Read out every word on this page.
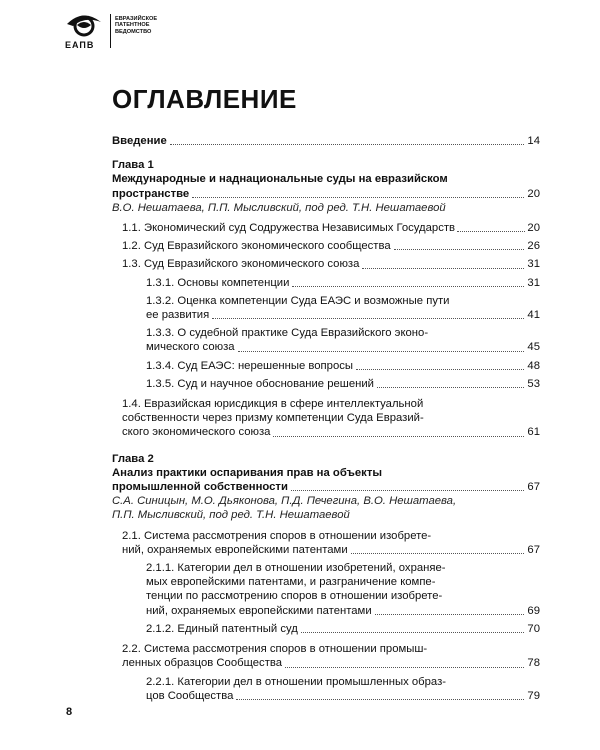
ЕАПВ
ЕВРАЗИЙСКОЕ
ПАТЕНТНОЕ
ВЕДОМСТВО
ОГЛАВЛЕНИЕ
Введение	14
Глава 1
Международные и наднациональные суды на евразийском
пространстве	20
В.О. Нешатаева, П.П. Мысливский, под ред. Т.Н. Нешатаевой
1.1. Экономический суд Содружества Независимых Государств	20
1.2. Суд Евразийского экономического сообщества	26
1.3. Суд Евразийского экономического союза	31
1.3.1. Основы компетенции	31
1.3.2. Оценка компетенции Суда ЕАЭС и возможные пути
ее развития	41
1.3.3. О судебной практике Суда Евразийского эконо-
мического союза	45
1.3.4. Суд ЕАЭС: нерешенные вопросы	48
1.3.5. Суд и научное обоснование решений	53
1.4. Евразийская юрисдикция в сфере интеллектуальной
собственности через призму компетенции Суда Евразий-
ского экономического союза	61
Глава 2
Анализ практики оспаривания прав на объекты
промышленной собственности	67
С.А. Синицын, М.О. Дьяконова, П.Д. Печегина, В.О. Нешатаева,
П.П. Мысливский, под ред. Т.Н. Нешатаевой
2.1. Система рассмотрения споров в отношении изобрете-
ний, охраняемых европейскими патентами	67
2.1.1. Категории дел в отношении изобретений, охраняе-
мых европейскими патентами, и разграничение компе-
тенции по рассмотрению споров в отношении изобрете-
ний, охраняемых европейскими патентами	69
2.1.2. Единый патентный суд	70
2.2. Система рассмотрения споров в отношении промыш-
ленных образцов Сообщества	78
2.2.1. Категории дел в отношении промышленных образ-
цов Сообщества	79
8
